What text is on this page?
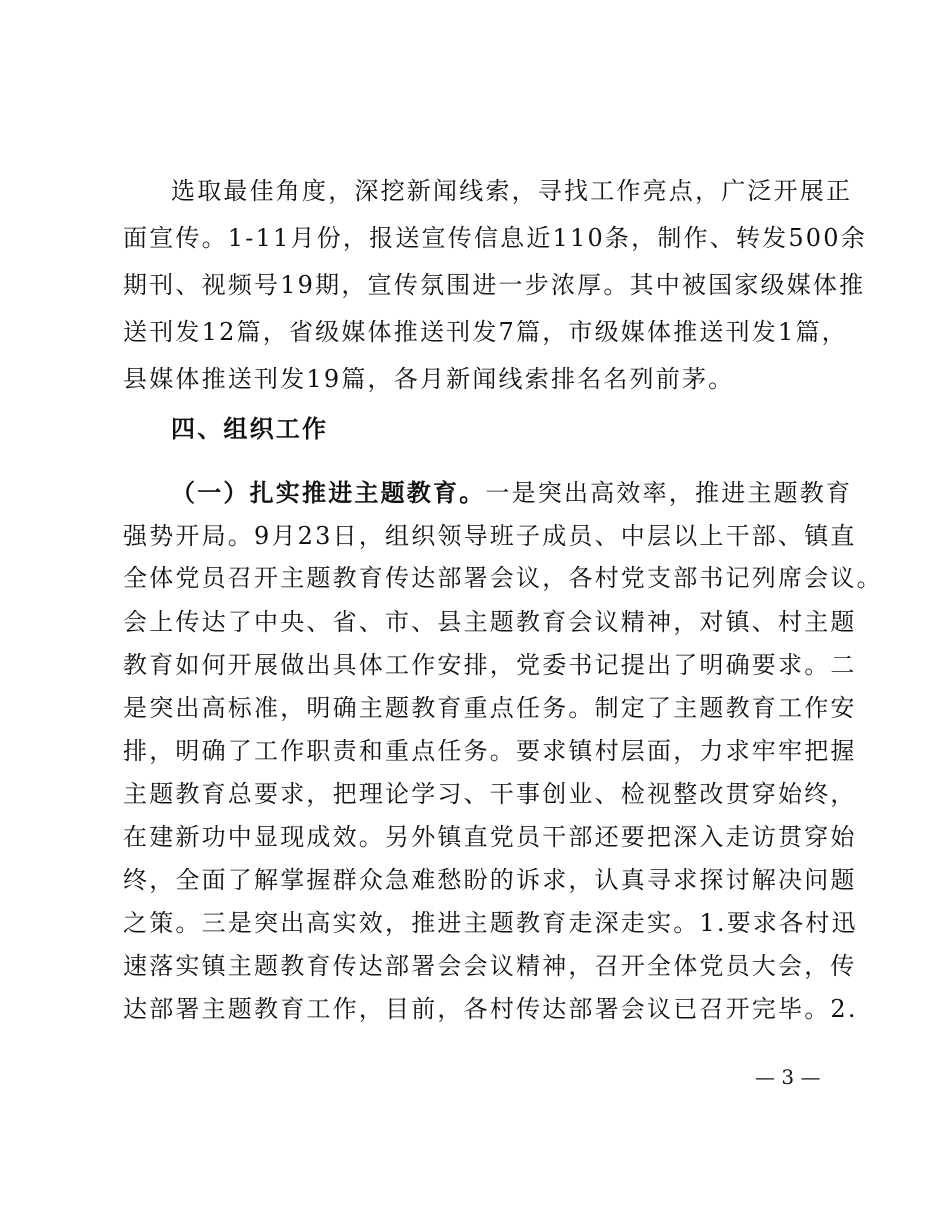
选取最佳角度，深挖新闻线索，寻找工作亮点，广泛开展正
面宣传。1-11月份，报送宣传信息近110条，制作、转发500余
期刊、视频号19期，宣传氛围进一步浓厚。其中被国家级媒体推
送刊发12篇，省级媒体推送刊发7篇，市级媒体推送刊发1篇，
县媒体推送刊发19篇，各月新闻线索排名名列前茅。
四、组织工作
（一）扎实推进主题教育。一是突出高效率，推进主题教育
强势开局。9月23日，组织领导班子成员、中层以上干部、镇直
全体党员召开主题教育传达部署会议，各村党支部书记列席会议。
会上传达了中央、省、市、县主题教育会议精神，对镇、村主题
教育如何开展做出具体工作安排，党委书记提出了明确要求。二
是突出高标准，明确主题教育重点任务。制定了主题教育工作安
排，明确了工作职责和重点任务。要求镇村层面，力求牢牢把握
主题教育总要求，把理论学习、干事创业、检视整改贯穿始终，
在建新功中显现成效。另外镇直党员干部还要把深入走访贯穿始
终，全面了解掌握群众急难愁盼的诉求，认真寻求探讨解决问题
之策。三是突出高实效，推进主题教育走深走实。1.要求各村迅
速落实镇主题教育传达部署会会议精神，召开全体党员大会，传
达部署主题教育工作，目前，各村传达部署会议已召开完毕。2.
— 3 —
